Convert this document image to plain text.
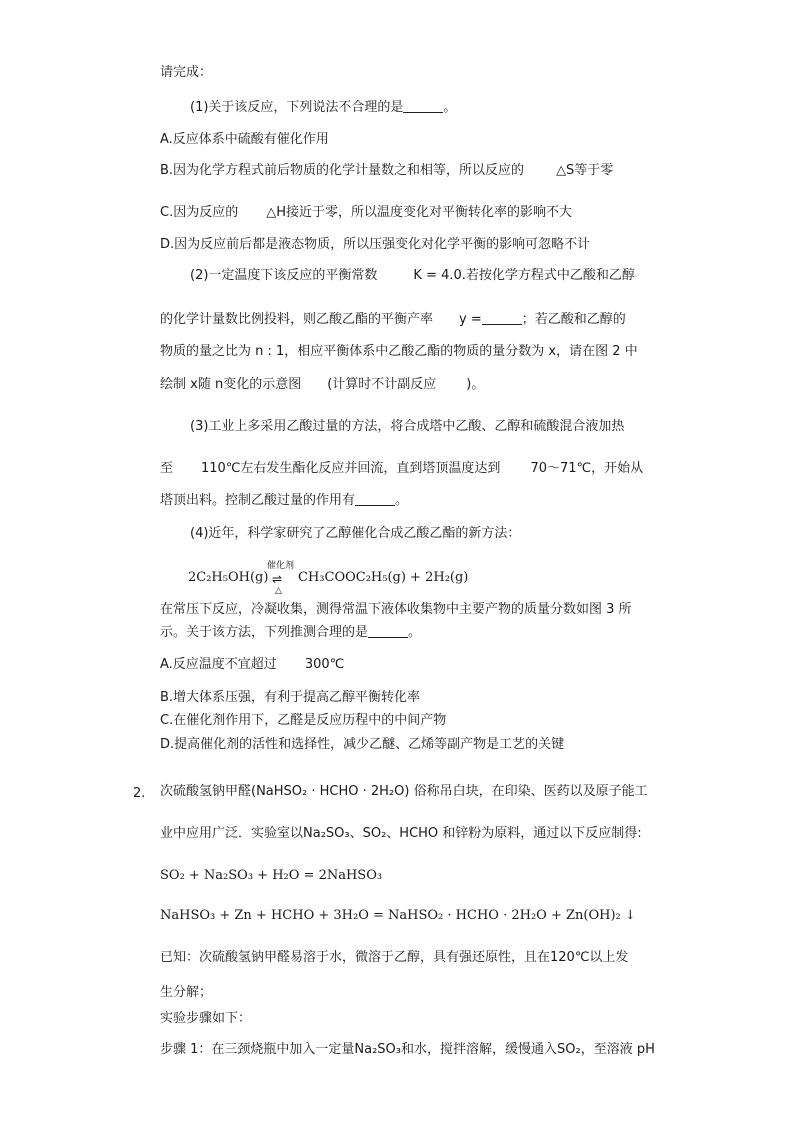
请完成：
(1)关于该反应，下列说法不合理的是	。
A.反应体系中硫酸有催化作用
B.因为化学方程式前后物质的化学计量数之和相等，所以反应的 △S等于零
C.因为反应的 △H接近于零，所以温度变化对平衡转化率的影响不大
D.因为反应前后都是液态物质，所以压强变化对化学平衡的影响可忽略不计
(2)一定温度下该反应的平衡常数	K = 4.0.若按化学方程式中乙酸和乙醇
的化学计量数比例投料，则乙酸乙酯的平衡产率 y =	；若乙酸和乙醇的
物质的量之比为 n : 1，相应平衡体系中乙酸乙酯的物质的量分数为 x，请在图 2 中
绘制 x随 n变化的示意图 (计算时不计副反应 )。
(3)工业上多采用乙酸过量的方法，将合成塔中乙酸、乙醇和硫酸混合液加热
至 110℃左右发生酯化反应并回流，直到塔顶温度达到 70～71℃，开始从
塔顶出料。控制乙酸过量的作用有	。
(4)近年，科学家研究了乙醇催化合成乙酸乙酯的新方法：
催化剂
⇌
△
2C₂H₅OH(g) CH₃COOC₂H₅(g) + 2H₂(g)
在常压下反应，冷凝收集，测得常温下液体收集物中主要产物的质量分数如图 3 所
示。关于该方法，下列推测合理的是	。
A.反应温度不宜超过 300℃
B.增大体系压强，有利于提高乙醇平衡转化率
C.在催化剂作用下，乙醛是反应历程中的中间产物
D.提高催化剂的活性和选择性，减少乙醚、乙烯等副产物是工艺的关键
2. 次硫酸氢钠甲醛(NaHSO₂ · HCHO · 2H₂O) 俗称吊白块，在印染、医药以及原子能工
业中应用广泛．实验室以Na₂SO₃、SO₂、HCHO 和锌粉为原料，通过以下反应制得:
SO₂ + Na₂SO₃ + H₂O = 2NaHSO₃
NaHSO₃ + Zn + HCHO + 3H₂O = NaHSO₂ · HCHO · 2H₂O + Zn(OH)₂ ↓
已知：次硫酸氢钠甲醛易溶于水，微溶于乙醇，具有强还原性，且在120℃以上发
生分解；
实验步骤如下：
步骤 1：在三颈烧瓶中加入一定量Na₂SO₃和水，搅拌溶解，缓慢通入SO₂，至溶液 pH
